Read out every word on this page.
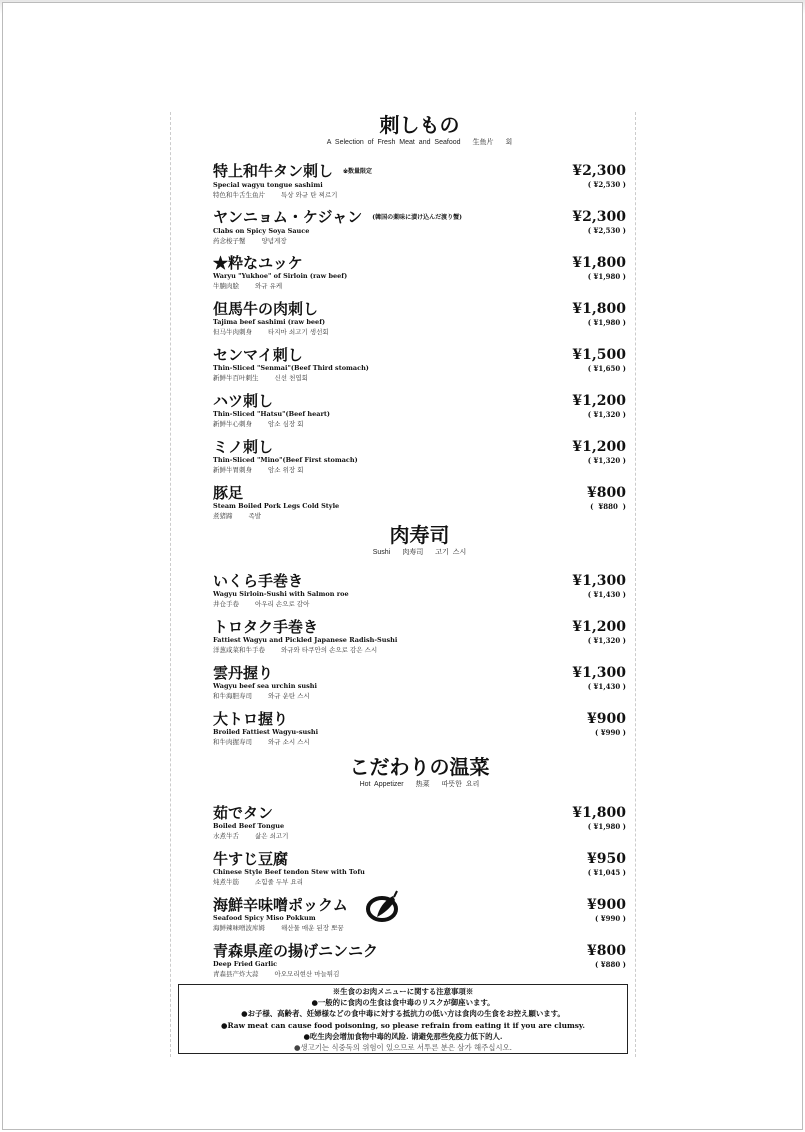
刺しもの
A Selection of Fresh Meat and Seafood 生鱼片 회
特上和牛タン刺し ※数量限定
Special wagyu tongue sashimi
特色和牛舌生鱼片 특상 와규 탄 찌르기
¥2,300
( ¥2,530 )
ヤンニョム・ケジャン (韓国の薬味に漬け込んだ渡り蟹)
Clabs on Spicy Soya Sauce
药念梭子蟹 양념게장
¥2,300
( ¥2,530 )
★粋なユッケ
Waryu "Yukhoe" of Sirloin (raw beef)
牛腩肉脍 와규 유케
¥1,800
( ¥1,980 )
但馬牛の肉刺し
Tajima beef sashimi (raw beef)
但马牛肉刺身 타지마 쇠고기 생선회
¥1,800
( ¥1,980 )
センマイ刺し
Thin-Sliced "Senmai"(Beef Third stomach)
新鲜牛百叶刺生 신선 천엽회
¥1,500
( ¥1,650 )
ハツ刺し
Thin-Sliced "Hatsu"(Beef heart)
新鲜牛心刺身 암소 심장 회
¥1,200
( ¥1,320 )
ミノ刺し
Thin-Sliced "Mino"(Beef First stomach)
新鲜牛胃刺身 암소 위장 회
¥1,200
( ¥1,320 )
豚足
Steam Boiled Pork Legs Cold Style
煮猪蹄 족발
¥800
(  ¥880  )
肉寿司
Sushi 肉寿司 고기 스시
いくら手巻き
Wagyu Sirloin-Sushi with Salmon roe
井仓手卷 아우리 손으로 감아
¥1,300
( ¥1,430 )
トロタク手巻き
Fattiest Wagyu and Pickled Japanese Radish-Sushi
洋葱咸菜和牛手卷 와규와 타쿠안의 손으로 감은 스시
¥1,200
( ¥1,320 )
雲丹握り
Wagyu beef sea urchin sushi
和牛海胆寿司 와규 운탄 스시
¥1,300
( ¥1,430 )
大トロ握り
Broiled Fattiest Wagyu-sushi
和牛肉握寿司 와규 소시 스시
¥900
( ¥990 )
こだわりの温菜
Hot Appetizer 热菜 따뜻한 요리
茹でタン
Boiled Beef Tongue
水煮牛舌 삶은 쇠고기
¥1,800
( ¥1,980 )
牛すじ豆腐
Chinese Style Beef tendon Stew with Tofu
炖煮牛筋 소힘줄 두부 요리
¥950
( ¥1,045 )
海鮮辛味噌ポックム
Seafood Spicy Miso Pokkum
海鲜辣味噌波库姆 해산물 매운 된장 뽀꿈
¥900
( ¥990 )
青森県産の揚げニンニク
Deep Fried Garlic
青森县产炸大蒜 아오모리현산 마늘튀김
¥800
( ¥880 )
※生食のお肉メニューに関する注意事項※
●一般的に食肉の生食は食中毒のリスクが御座います。
●お子様、高齢者、妊婦様などの食中毒に対する抵抗力の低い方は食肉の生食をお控え願います。
●Raw meat can cause food poisoning, so please refrain from eating it if you are clumsy.
●吃生肉会增加食物中毒的风险. 请避免那些免疫力低下的人.
●생고기는 식중독의 위험이 있으므로 서투른 분은 삼가 해주십시오.
